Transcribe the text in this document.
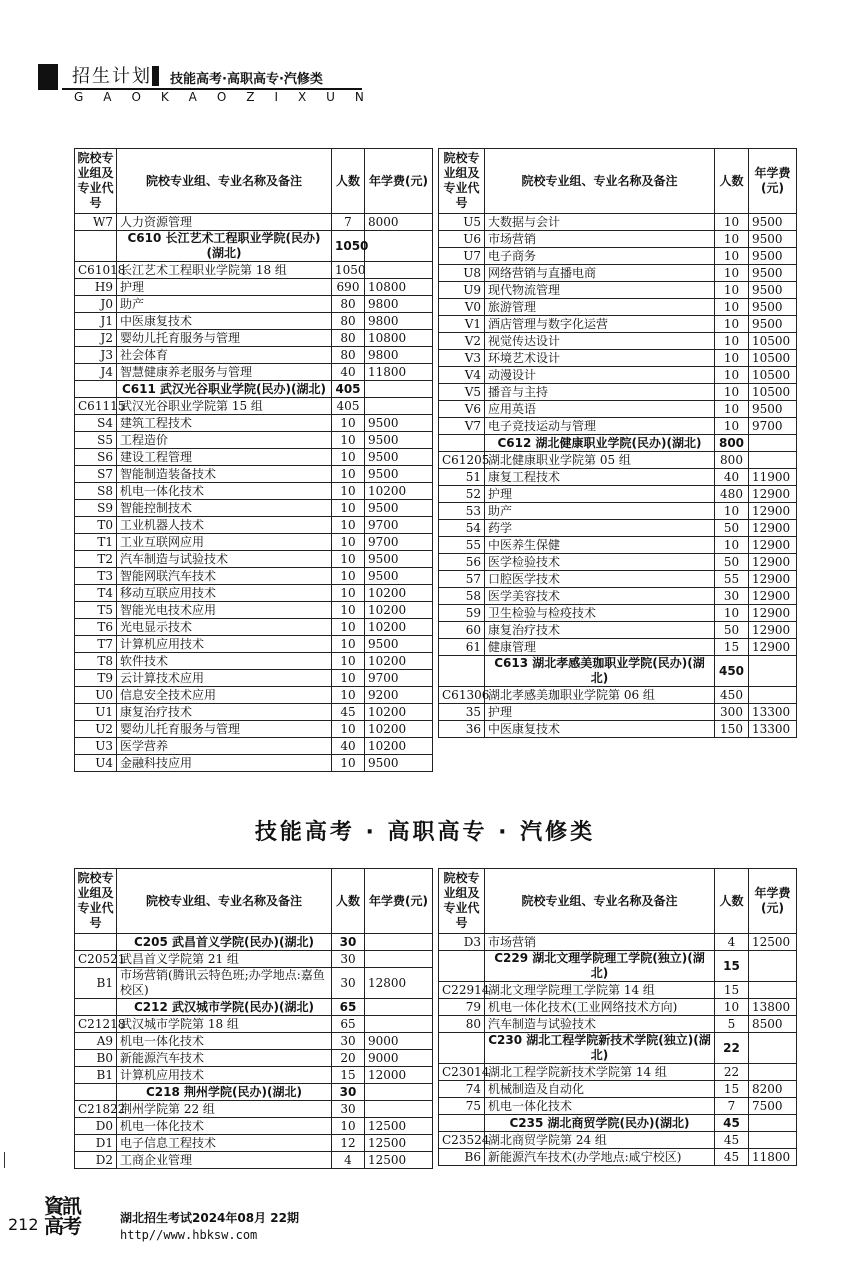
招生计划 技能高考·高职高专·汽修类
G A O K A O Z I X U N
院校专业组及专业代号	院校专业组、专业名称及备注	人数	年学费(元)
W7	人力资源管理	7	8000
	C610 长江艺术工程职业学院(民办)(湖北)	1050	
C61018	长江艺术工程职业学院第 18 组	1050	
H9	护理	690	10800
J0	助产	80	9800
J1	中医康复技术	80	9800
J2	婴幼儿托育服务与管理	80	10800
J3	社会体育	80	9800
J4	智慧健康养老服务与管理	40	11800
	C611 武汉光谷职业学院(民办)(湖北)	405	
C61115	武汉光谷职业学院第 15 组	405	
S4	建筑工程技术	10	9500
S5	工程造价	10	9500
S6	建设工程管理	10	9500
S7	智能制造装备技术	10	9500
S8	机电一体化技术	10	10200
S9	智能控制技术	10	9500
T0	工业机器人技术	10	9700
T1	工业互联网应用	10	9700
T2	汽车制造与试验技术	10	9500
T3	智能网联汽车技术	10	9500
T4	移动互联应用技术	10	10200
T5	智能光电技术应用	10	10200
T6	光电显示技术	10	10200
T7	计算机应用技术	10	9500
T8	软件技术	10	10200
T9	云计算技术应用	10	9700
U0	信息安全技术应用	10	9200
U1	康复治疗技术	45	10200
U2	婴幼儿托育服务与管理	10	10200
U3	医学营养	40	10200
U4	金融科技应用	10	9500
院校专业组及专业代号	院校专业组、专业名称及备注	人数	年学费(元)
U5	大数据与会计	10	9500
U6	市场营销	10	9500
U7	电子商务	10	9500
U8	网络营销与直播电商	10	9500
U9	现代物流管理	10	9500
V0	旅游管理	10	9500
V1	酒店管理与数字化运营	10	9500
V2	视觉传达设计	10	10500
V3	环境艺术设计	10	10500
V4	动漫设计	10	10500
V5	播音与主持	10	10500
V6	应用英语	10	9500
V7	电子竞技运动与管理	10	9700
	C612 湖北健康职业学院(民办)(湖北)	800	
C61205	湖北健康职业学院第 05 组	800	
51	康复工程技术	40	11900
52	护理	480	12900
53	助产	10	12900
54	药学	50	12900
55	中医养生保健	10	12900
56	医学检验技术	50	12900
57	口腔医学技术	55	12900
58	医学美容技术	30	12900
59	卫生检验与检疫技术	10	12900
60	康复治疗技术	50	12900
61	健康管理	15	12900
	C613 湖北孝感美珈职业学院(民办)(湖北)	450	
C61306	湖北孝感美珈职业学院第 06 组	450	
35	护理	300	13300
36	中医康复技术	150	13300
技能高考 · 高职高专 · 汽修类
院校专业组及专业代号	院校专业组、专业名称及备注	人数	年学费(元)
	C205 武昌首义学院(民办)(湖北)	30	
C20521	武昌首义学院第 21 组	30	
B1	市场营销(腾讯云特色班;办学地点:嘉鱼校区)	30	12800
	C212 武汉城市学院(民办)(湖北)	65	
C21218	武汉城市学院第 18 组	65	
A9	机电一体化技术	30	9000
B0	新能源汽车技术	20	9000
B1	计算机应用技术	15	12000
	C218 荆州学院(民办)(湖北)	30	
C21822	荆州学院第 22 组	30	
D0	机电一体化技术	10	12500
D1	电子信息工程技术	12	12500
D2	工商企业管理	4	12500
院校专业组及专业代号	院校专业组、专业名称及备注	人数	年学费(元)
D3	市场营销	4	12500
	C229 湖北文理学院理工学院(独立)(湖北)	15	
C22914	湖北文理学院理工学院第 14 组	15	
79	机电一体化技术(工业网络技术方向)	10	13800
80	汽车制造与试验技术	5	8500
	C230 湖北工程学院新技术学院(独立)(湖北)	22	
C23014	湖北工程学院新技术学院第 14 组	22	
74	机械制造及自动化	15	8200
75	机电一体化技术	7	7500
	C235 湖北商贸学院(民办)(湖北)	45	
C23524	湖北商贸学院第 24 组	45	
B6	新能源汽车技术(办学地点:咸宁校区)	45	11800
212
資訊高考	湖北招生考试2024年08月 22期
http//www.hbksw.com
